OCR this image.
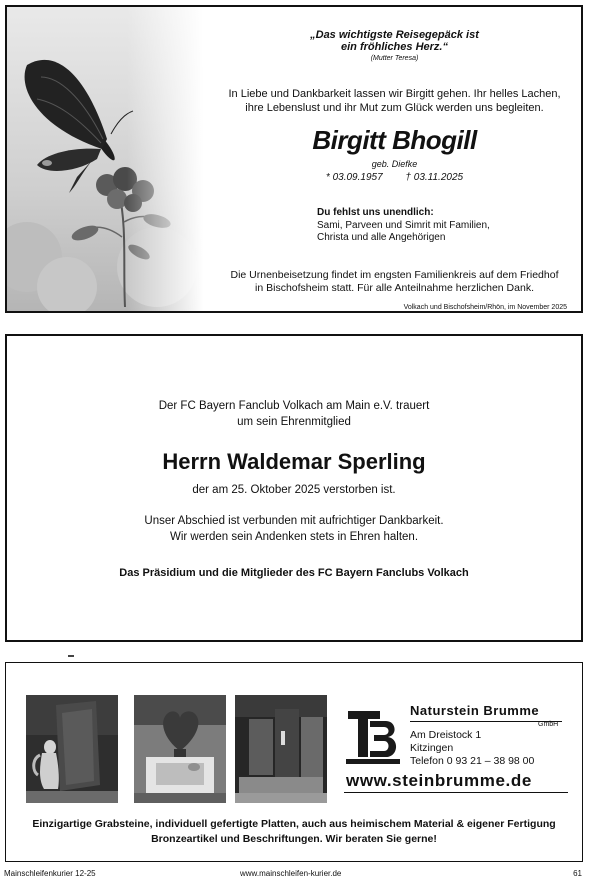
„Das wichtigste Reisegepäck ist ein fröhliches Herz.“
(Mutter Teresa)
In Liebe und Dankbarkeit lassen wir Birgitt gehen. Ihr helles Lachen, ihre Lebenslust und ihr Mut zum Glück werden uns begleiten.
Birgitt Bhogill
geb. Diefke
* 03.09.1957 † 03.11.2025
Du fehlst uns unendlich:
Sami, Parveen und Simrit mit Familien,
Christa und alle Angehörigen
Die Urnenbeisetzung findet im engsten Familienkreis auf dem Friedhof
in Bischofsheim statt. Für alle Anteilnahme herzlichen Dank.
Volkach und Bischofsheim/Rhön, im November 2025
Der FC Bayern Fanclub Volkach am Main e.V. trauert
um sein Ehrenmitglied
Herrn Waldemar Sperling
der am 25. Oktober 2025 verstorben ist.
Unser Abschied ist verbunden mit aufrichtiger Dankbarkeit.
Wir werden sein Andenken stets in Ehren halten.
Das Präsidium und die Mitglieder des FC Bayern Fanclubs Volkach
Naturstein Brumme
GmbH
Am Dreistock 1
Kitzingen
Telefon 0 93 21 – 38 98 00
www.steinbrumme.de
Einzigartige Grabsteine, individuell gefertigte Platten, auch aus heimischem Material & eigener Fertigung
Bronzeartikel und Beschriftungen. Wir beraten Sie gerne!
Mainschleifenkurier 12-25	www.mainschleifen-kurier.de	61
